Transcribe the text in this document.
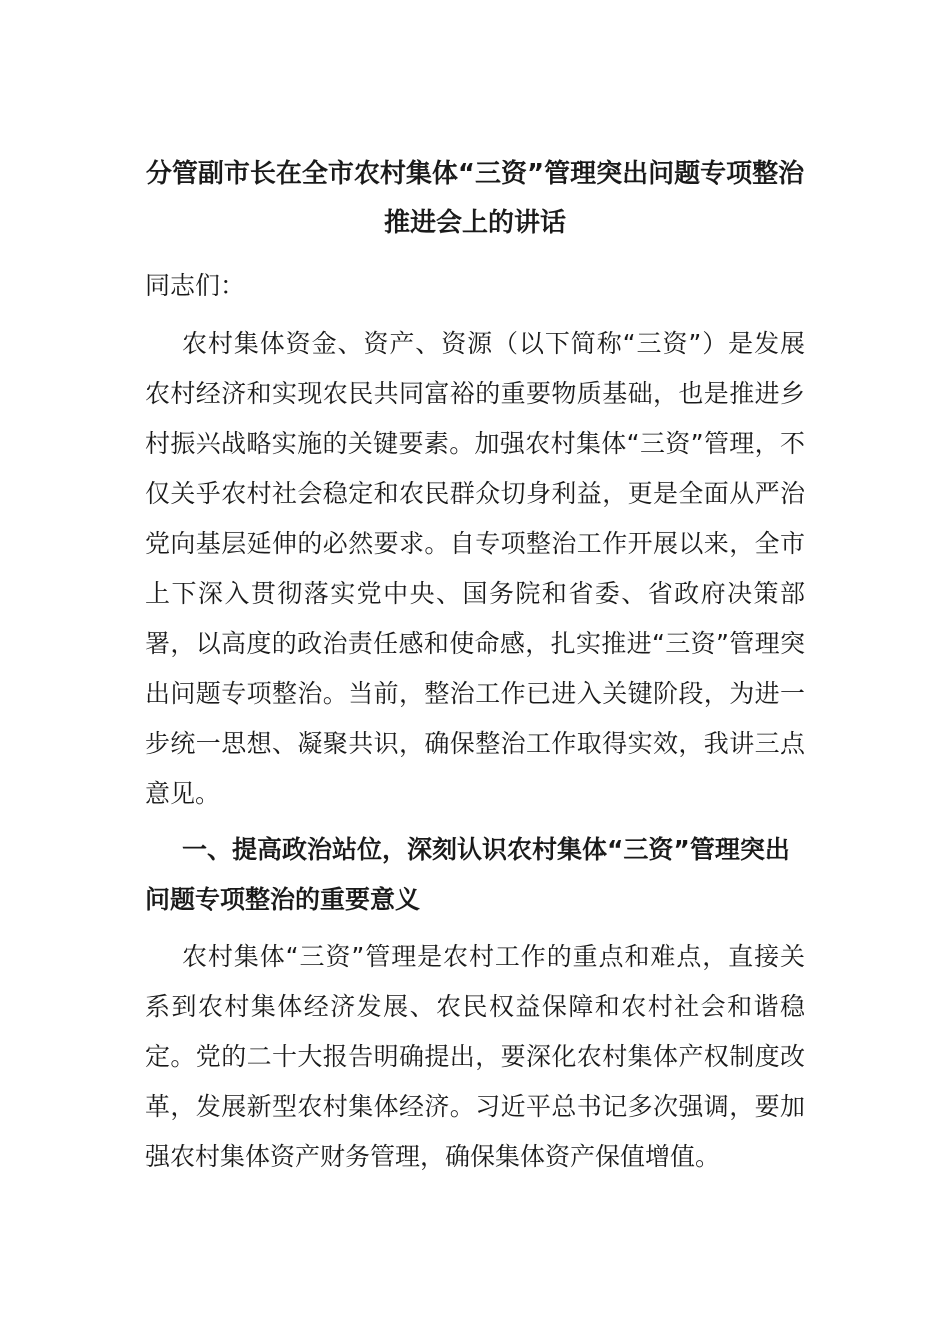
分管副市长在全市农村集体“三资”管理突出问题专项整治推进会上的讲话
同志们：
农村集体资金、资产、资源（以下简称“三资”）是发展农村经济和实现农民共同富裕的重要物质基础，也是推进乡村振兴战略实施的关键要素。加强农村集体“三资”管理，不仅关乎农村社会稳定和农民群众切身利益，更是全面从严治党向基层延伸的必然要求。自专项整治工作开展以来，全市上下深入贯彻落实党中央、国务院和省委、省政府决策部署，以高度的政治责任感和使命感，扎实推进“三资”管理突出问题专项整治。当前，整治工作已进入关键阶段，为进一步统一思想、凝聚共识，确保整治工作取得实效，我讲三点意见。
一、提高政治站位，深刻认识农村集体“三资”管理突出问题专项整治的重要意义
农村集体“三资”管理是农村工作的重点和难点，直接关系到农村集体经济发展、农民权益保障和农村社会和谐稳定。党的二十大报告明确提出，要深化农村集体产权制度改革，发展新型农村集体经济。习近平总书记多次强调，要加强农村集体资产财务管理，确保集体资产保值增值。
